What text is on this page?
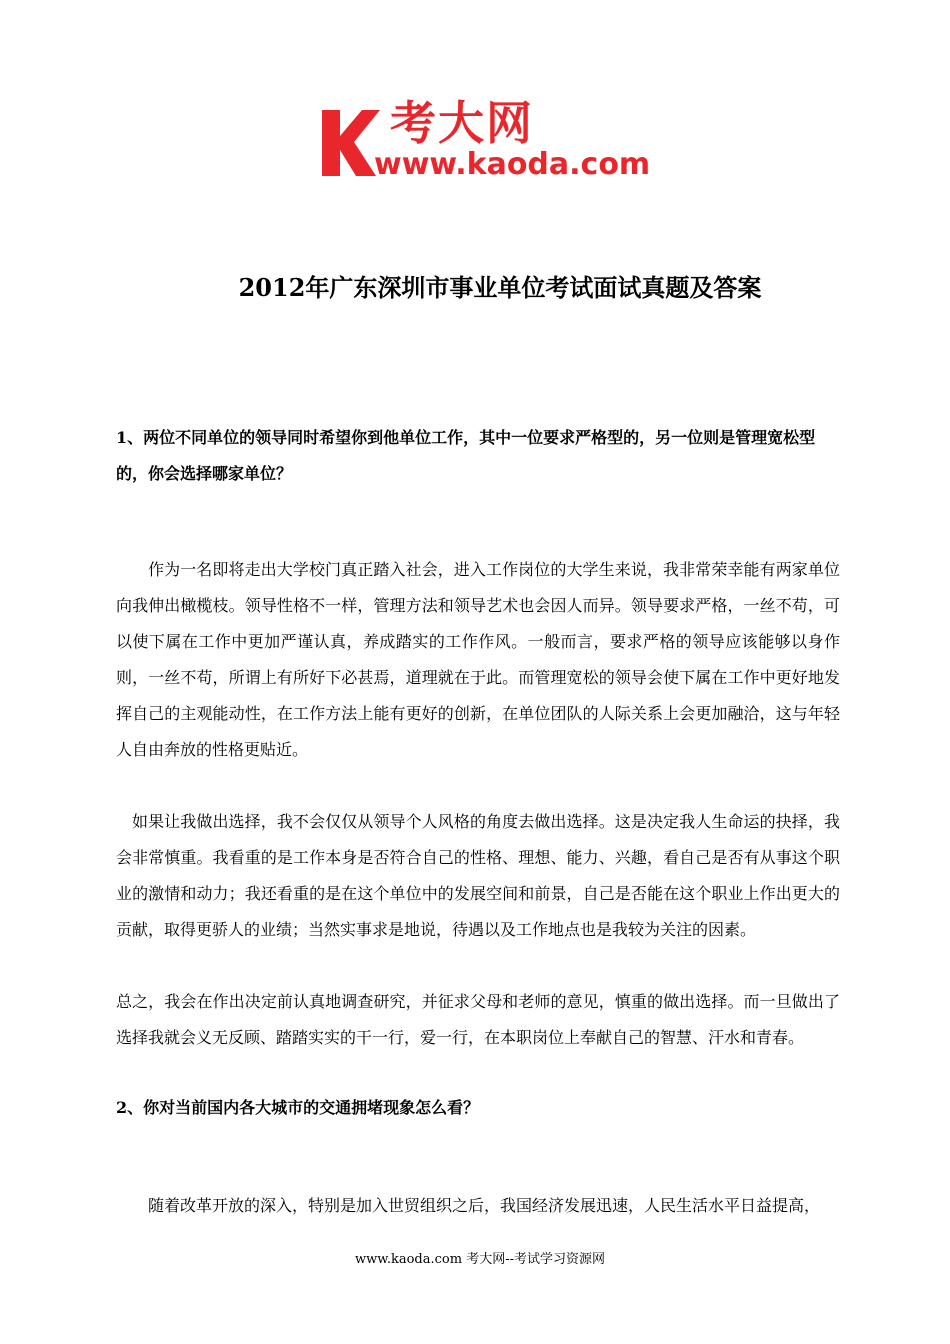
考大网
www.kaoda.com
2012年广东深圳市事业单位考试面试真题及答案
1、两位不同单位的领导同时希望你到他单位工作，其中一位要求严格型的，另一位则是管理宽松型的，你会选择哪家单位？
作为一名即将走出大学校门真正踏入社会，进入工作岗位的大学生来说，我非常荣幸能有两家单位向我伸出橄榄枝。领导性格不一样，管理方法和领导艺术也会因人而异。领导要求严格，一丝不苟，可以使下属在工作中更加严谨认真，养成踏实的工作作风。一般而言，要求严格的领导应该能够以身作则，一丝不苟，所谓上有所好下必甚焉，道理就在于此。而管理宽松的领导会使下属在工作中更好地发挥自己的主观能动性，在工作方法上能有更好的创新，在单位团队的人际关系上会更加融洽，这与年轻人自由奔放的性格更贴近。
如果让我做出选择，我不会仅仅从领导个人风格的角度去做出选择。这是决定我人生命运的抉择，我会非常慎重。我看重的是工作本身是否符合自己的性格、理想、能力、兴趣，看自己是否有从事这个职业的激情和动力；我还看重的是在这个单位中的发展空间和前景，自己是否能在这个职业上作出更大的贡献，取得更骄人的业绩；当然实事求是地说，待遇以及工作地点也是我较为关注的因素。
总之，我会在作出决定前认真地调查研究，并征求父母和老师的意见，慎重的做出选择。而一旦做出了选择我就会义无反顾、踏踏实实的干一行，爱一行，在本职岗位上奉献自己的智慧、汗水和青春。
2、你对当前国内各大城市的交通拥堵现象怎么看？
随着改革开放的深入，特别是加入世贸组织之后，我国经济发展迅速，人民生活水平日益提高，
www.kaoda.com 考大网--考试学习资源网
